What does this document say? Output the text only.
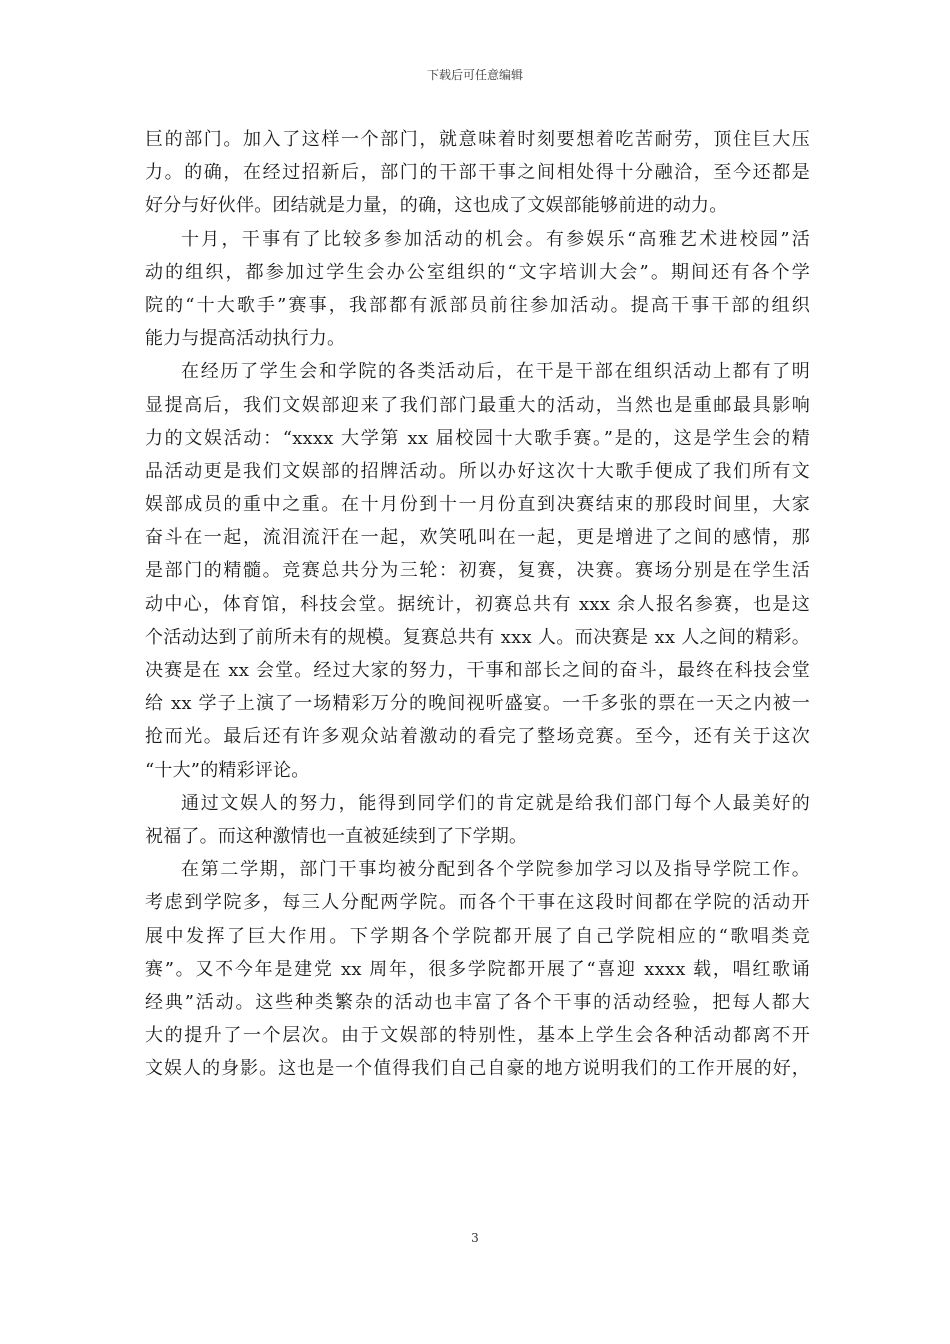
下载后可任意编辑
巨的部门。加入了这样一个部门，就意味着时刻要想着吃苦耐劳，顶住巨大压
力。的确，在经过招新后，部门的干部干事之间相处得十分融洽，至今还都是
好分与好伙伴。团结就是力量，的确，这也成了文娱部能够前进的动力。
十月，干事有了比较多参加活动的机会。有参娱乐“高雅艺术进校园”活
动的组织，都参加过学生会办公室组织的“文字培训大会”。期间还有各个学
院的“十大歌手”赛事，我部都有派部员前往参加活动。提高干事干部的组织
能力与提高活动执行力。
在经历了学生会和学院的各类活动后，在干是干部在组织活动上都有了明
显提高后，我们文娱部迎来了我们部门最重大的活动，当然也是重邮最具影响
力的文娱活动：“xxxx 大学第 xx 届校园十大歌手赛。”是的，这是学生会的精
品活动更是我们文娱部的招牌活动。所以办好这次十大歌手便成了我们所有文
娱部成员的重中之重。在十月份到十一月份直到决赛结束的那段时间里，大家
奋斗在一起，流泪流汗在一起，欢笑吼叫在一起，更是增进了之间的感情，那
是部门的精髓。竞赛总共分为三轮：初赛，复赛，决赛。赛场分别是在学生活
动中心，体育馆，科技会堂。据统计，初赛总共有 xxx 余人报名参赛，也是这
个活动达到了前所未有的规模。复赛总共有 xxx 人。而决赛是 xx 人之间的精彩。
决赛是在 xx 会堂。经过大家的努力，干事和部长之间的奋斗，最终在科技会堂
给 xx 学子上演了一场精彩万分的晚间视听盛宴。一千多张的票在一天之内被一
抢而光。最后还有许多观众站着激动的看完了整场竞赛。至今，还有关于这次
“十大”的精彩评论。
通过文娱人的努力，能得到同学们的肯定就是给我们部门每个人最美好的
祝福了。而这种激情也一直被延续到了下学期。
在第二学期，部门干事均被分配到各个学院参加学习以及指导学院工作。
考虑到学院多，每三人分配两学院。而各个干事在这段时间都在学院的活动开
展中发挥了巨大作用。下学期各个学院都开展了自己学院相应的“歌唱类竞
赛”。又不今年是建党 xx 周年，很多学院都开展了“喜迎 xxxx 载，唱红歌诵
经典”活动。这些种类繁杂的活动也丰富了各个干事的活动经验，把每人都大
大的提升了一个层次。由于文娱部的特别性，基本上学生会各种活动都离不开
文娱人的身影。这也是一个值得我们自己自豪的地方说明我们的工作开展的好，
3
